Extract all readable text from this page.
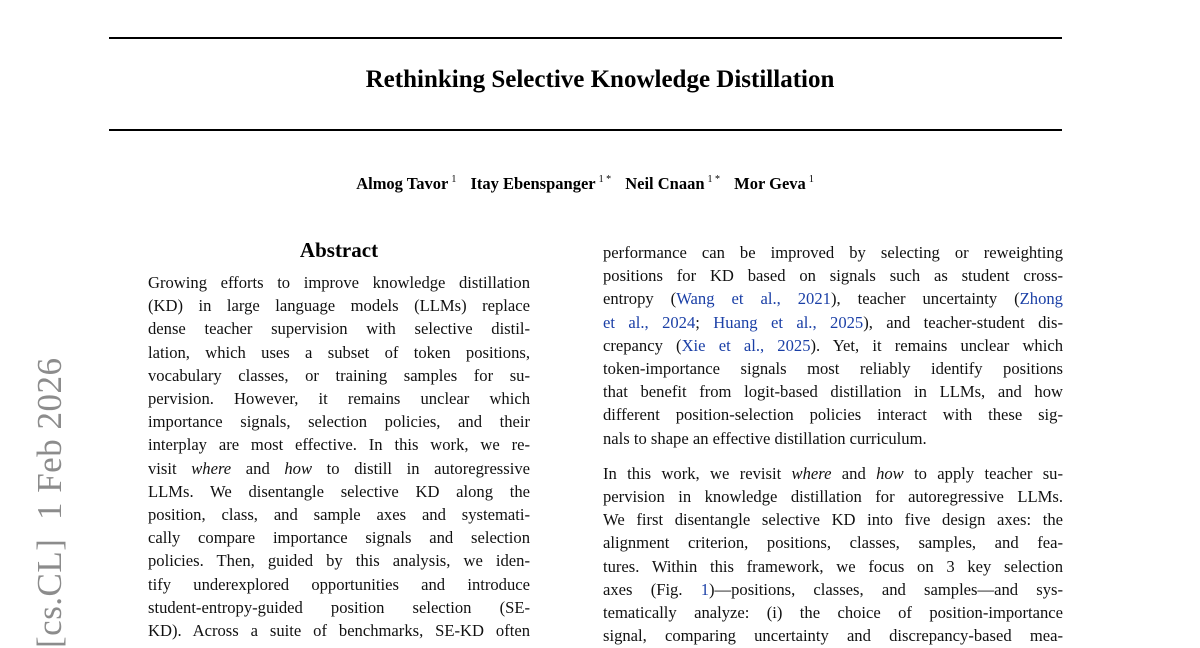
Rethinking Selective Knowledge Distillation
Almog Tavor $^1$ Itay Ebenspanger $^{1 *}$ Neil Cnaan $^{1 *}$ Mor Geva $^1$
[cs.CL]  1 Feb 2026
Abstract
Growing efforts to improve knowledge distillation
(KD) in large language models (LLMs) replace
dense teacher supervision with selective distil-
lation, which uses a subset of token positions,
vocabulary classes, or training samples for su-
pervision. However, it remains unclear which
importance signals, selection policies, and their
interplay are most effective. In this work, we re-
visit where and how to distill in autoregressive
LLMs. We disentangle selective KD along the
position, class, and sample axes and systemati-
cally compare importance signals and selection
policies. Then, guided by this analysis, we iden-
tify underexplored opportunities and introduce
student-entropy-guided position selection (SE-
KD). Across a suite of benchmarks, SE-KD often
performance can be improved by selecting or reweighting
positions for KD based on signals such as student cross-
entropy (Wang et al., 2021), teacher uncertainty (Zhong
et al., 2024; Huang et al., 2025), and teacher-student dis-
crepancy (Xie et al., 2025). Yet, it remains unclear which
token-importance signals most reliably identify positions
that benefit from logit-based distillation in LLMs, and how
different position-selection policies interact with these sig-
nals to shape an effective distillation curriculum.
In this work, we revisit where and how to apply teacher su-
pervision in knowledge distillation for autoregressive LLMs.
We first disentangle selective KD into five design axes: the
alignment criterion, positions, classes, samples, and fea-
tures. Within this framework, we focus on 3 key selection
axes (Fig. 1)—positions, classes, and samples—and sys-
tematically analyze: (i) the choice of position-importance
signal, comparing uncertainty and discrepancy-based mea-
